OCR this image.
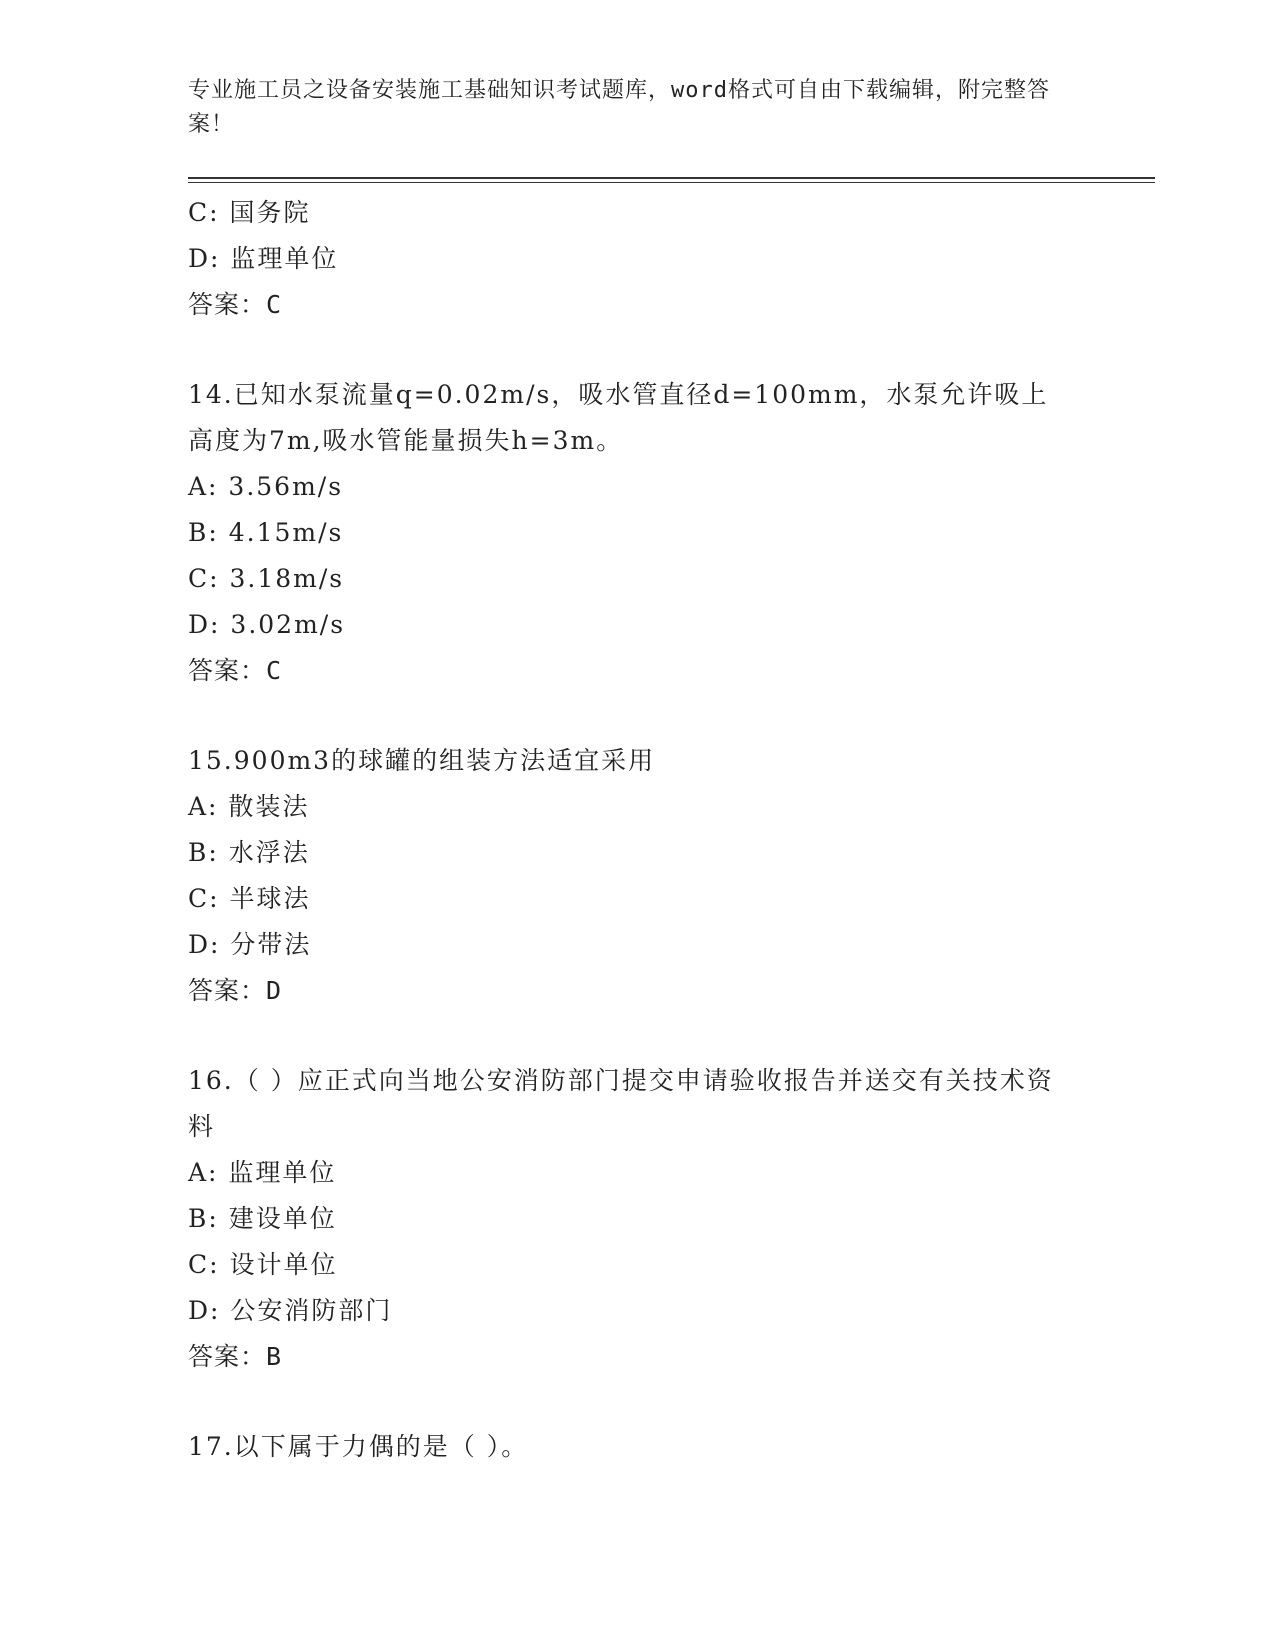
专业施工员之设备安装施工基础知识考试题库，word格式可自由下载编辑，附完整答案！
C: 国务院
D: 监理单位
答案：C
14.已知水泵流量q=0.02m/s，吸水管直径d=100mm，水泵允许吸上高度为7m,吸水管能量损失h=3m。
A: 3.56m/s
B: 4.15m/s
C: 3.18m/s
D: 3.02m/s
答案：C
15.900m3的球罐的组装方法适宜采用
A: 散装法
B: 水浮法
C: 半球法
D: 分带法
答案：D
16.（ ）应正式向当地公安消防部门提交申请验收报告并送交有关技术资料
A: 监理单位
B: 建设单位
C: 设计单位
D: 公安消防部门
答案：B
17.以下属于力偶的是（ ）。
